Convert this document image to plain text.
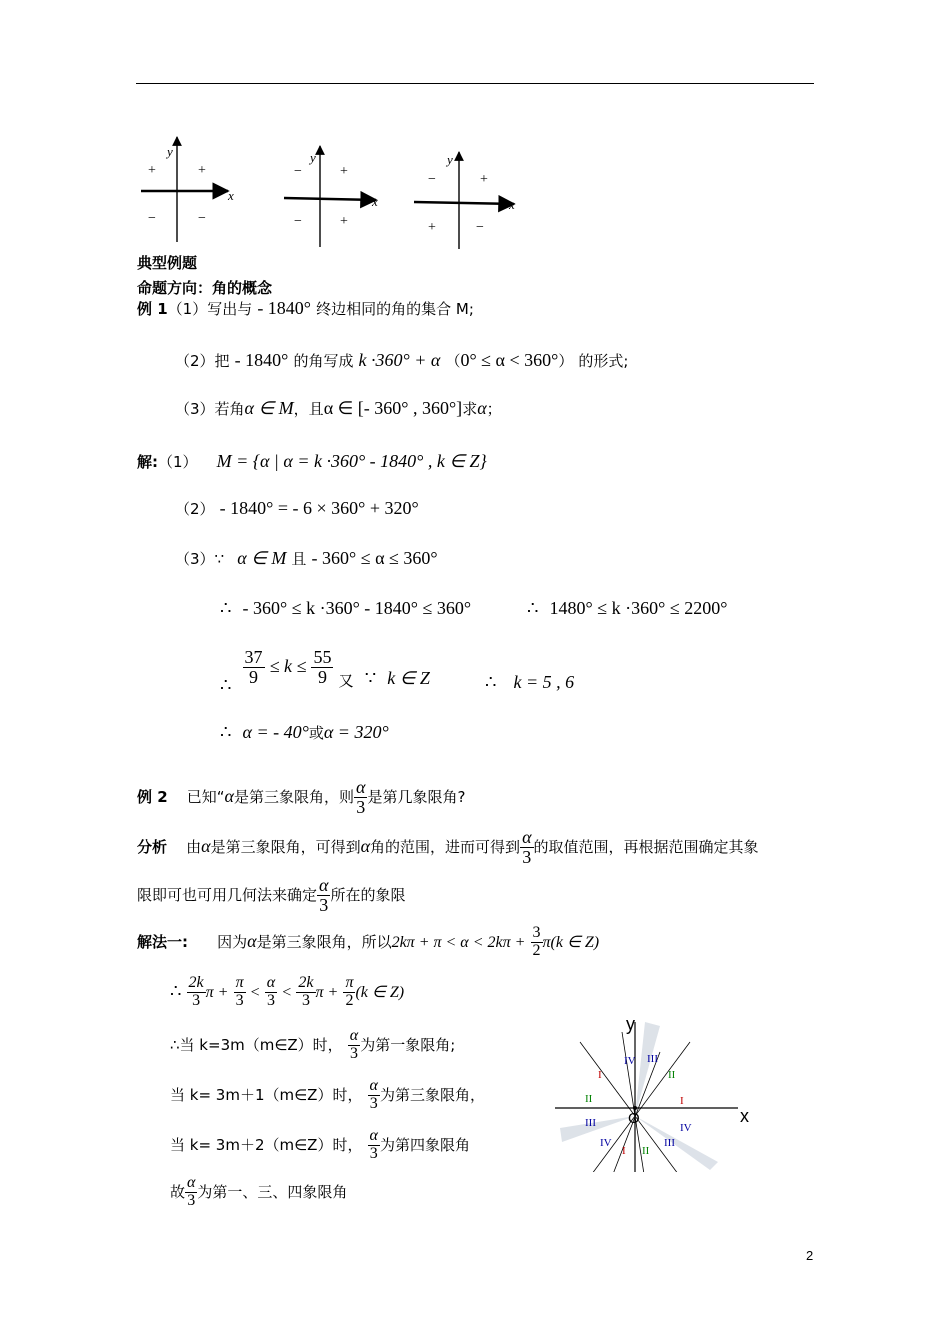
y
x
+	+
−	−
y
x
−	+
−	+
y
x
−	+
+	−
典型例题
命题方向：角的概念
例 1（1）写出与 - 1840° 终边相同的角的集合 M;
（2）把 - 1840° 的角写成 k ·360° + α （0° ≤ α < 360°） 的形式;
（3）若角α ∈ M，且α ∈ [- 360° , 360°]求α；
解:（1） M = {α | α = k ·360° - 1840° , k ∈ Z}
（2） - 1840° = - 6 × 360° + 320°
（3）∵ α ∈ M 且 - 360° ≤ α ≤ 360°
∴ - 360° ≤ k ·360° - 1840° ≤ 360°	∴ 1480° ≤ k ·360° ≤ 2200°
∴ $\frac{37}{9} \le k \le \frac{55}{9}$ 又 ∵ k ∈ Z	∴ k = 5 , 6
∴ α = - 40°或α = 320°
例 2 已知“α是第三象限角，则 $\frac{\alpha}{3}$ 是第几象限角?
分析 由α是第三象限角，可得到α角的范围，进而可得到 $\frac{\alpha}{3}$ 的取值范围，再根据范围确定其象
限即可也可用几何法来确定 $\frac{\alpha}{3}$ 所在的象限
解法一: 因为α是第三象限角，所以$2k\pi + \pi < \alpha < 2k\pi + \frac{3}{2} \pi(k$ ∈ Z)
∴ $\frac{2k}{3}$ $\pi + \frac{\pi}{3} < \frac{\alpha}{3} < \frac{2k}{3}$ $\pi + \frac{\pi}{2} (k$ ∈ Z)
∴当 k=3m（m∈Z）时， $\frac{\alpha}{3}$ 为第一象限角;
当 k= 3m＋1（m∈Z）时， $\frac{\alpha}{3}$ 为第三象限角，
当 k= 3m＋2（m∈Z）时， $\frac{\alpha}{3}$ 为第四象限角
故 $\frac{\alpha}{3}$ 为第一、三、四象限角
x
y
O
IV III
I	II
II	I
III	IV
IV
I II
III
2
